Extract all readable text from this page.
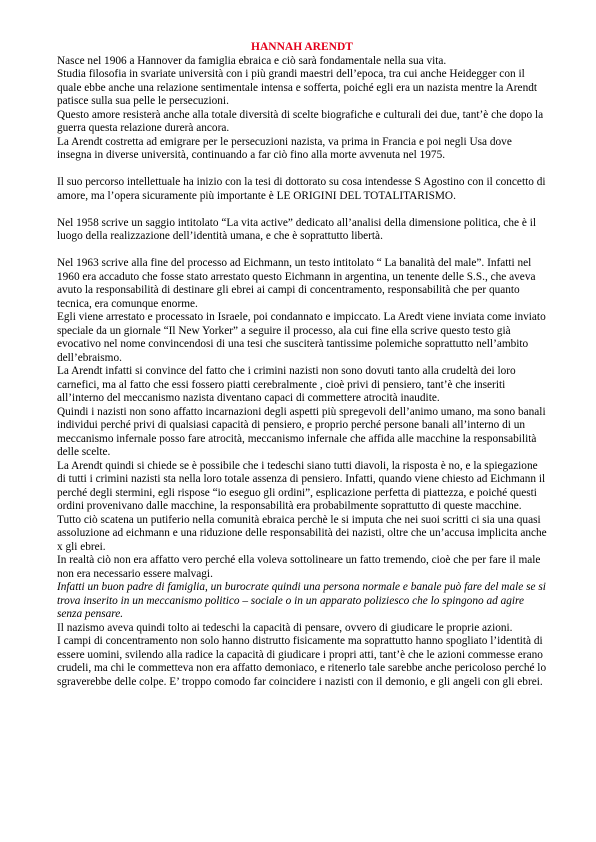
HANNAH ARENDT

Nasce nel 1906 a Hannover da famiglia ebraica e ciò sarà fondamentale nella sua vita.

Studia filosofia in svariate università con i più grandi maestri dell’epoca, tra cui anche Heidegger con il quale ebbe anche una relazione sentimentale intensa e sofferta, poiché egli era un nazista mentre la Arendt patisce sulla sua pelle le persecuzioni.

Questo amore resisterà anche alla totale diversità di scelte biografiche e culturali dei due, tant’è che dopo la guerra questa relazione durerà ancora.

La Arendt costretta ad emigrare per le persecuzioni nazista, va prima in Francia e poi negli Usa dove insegna in diverse università, continuando a far ciò fino alla morte avvenuta nel 1975.

Il suo percorso intellettuale ha inizio con la tesi di dottorato su cosa intendesse S Agostino con il concetto di amore, ma l’opera sicuramente più importante è LE ORIGINI DEL TOTALITARISMO.

Nel 1958 scrive un saggio intitolato “La vita active” dedicato all’analisi della dimensione politica, che è il luogo della realizzazione dell’identità umana, e che è soprattutto libertà.

Nel 1963 scrive alla fine del processo ad Eichmann, un testo intitolato “ La banalità del male”. Infatti nel 1960 era accaduto che fosse stato arrestato questo Eichmann in argentina, un tenente delle S.S., che aveva avuto la responsabilità di destinare gli ebrei ai campi di concentramento, responsabilità che per quanto tecnica, era comunque enorme.

Egli viene arrestato e processato in Israele, poi condannato e impiccato. La Aredt viene inviata come inviato speciale da un giornale “Il New Yorker” a seguire il processo, ala cui fine ella scrive questo testo già evocativo nel nome convincendosi di una tesi che susciterà tantissime polemiche soprattutto nell’ambito dell’ebraismo.

La Arendt infatti si convince del fatto che i crimini nazisti non sono dovuti tanto alla crudeltà dei loro carnefici, ma al fatto che essi fossero piatti cerebralmente , cioè privi di pensiero, tant’è che inseriti all’interno del meccanismo nazista diventano capaci di commettere atrocità inaudite.

Quindi i nazisti non sono affatto incarnazioni degli aspetti più spregevoli dell’animo umano, ma sono banali individui perché privi di qualsiasi capacità di pensiero, e proprio perché persone banali all’interno di un meccanismo infernale posso fare atrocità, meccanismo infernale che affida alle macchine la responsabilità delle scelte.

La Arendt quindi si chiede se è possibile che i tedeschi siano tutti diavoli, la risposta è no, e la spiegazione di tutti i crimini nazisti sta nella loro totale assenza di pensiero. Infatti, quando viene chiesto ad Eichmann il perché degli stermini, egli rispose “io eseguo gli ordini”, esplicazione perfetta di piattezza, e poiché questi ordini provenivano dalle macchine, la responsabilità era probabilmente soprattutto di queste macchine.

Tutto ciò scatena un putiferio nella comunità ebraica perchè le si imputa che nei suoi scritti ci sia una quasi assoluzione ad eichmann e una riduzione delle responsabilità dei nazisti, oltre che un’accusa implicita anche x gli ebrei.

In realtà ciò non era affatto vero perché ella voleva sottolineare un fatto tremendo, cioè che per fare il male non era necessario essere malvagi.

Infatti un buon padre di famiglia, un burocrate quindi una persona normale e banale può fare del male se si trova inserito in un meccanismo politico – sociale o in un apparato poliziesco che lo spingono ad agire senza pensare.

Il nazismo aveva quindi tolto ai tedeschi la capacità di pensare, ovvero di giudicare le proprie azioni.

I campi di concentramento non solo hanno distrutto fisicamente ma soprattutto hanno spogliato l’identità di essere uomini, svilendo alla radice la capacità di giudicare i propri atti, tant’è che le azioni commesse erano crudeli, ma chi le commetteva non era affatto demoniaco, e ritenerlo tale sarebbe anche pericoloso perché lo sgraverebbe delle colpe. E’ troppo comodo far coincidere i nazisti con il demonio, e gli angeli con gli ebrei.
